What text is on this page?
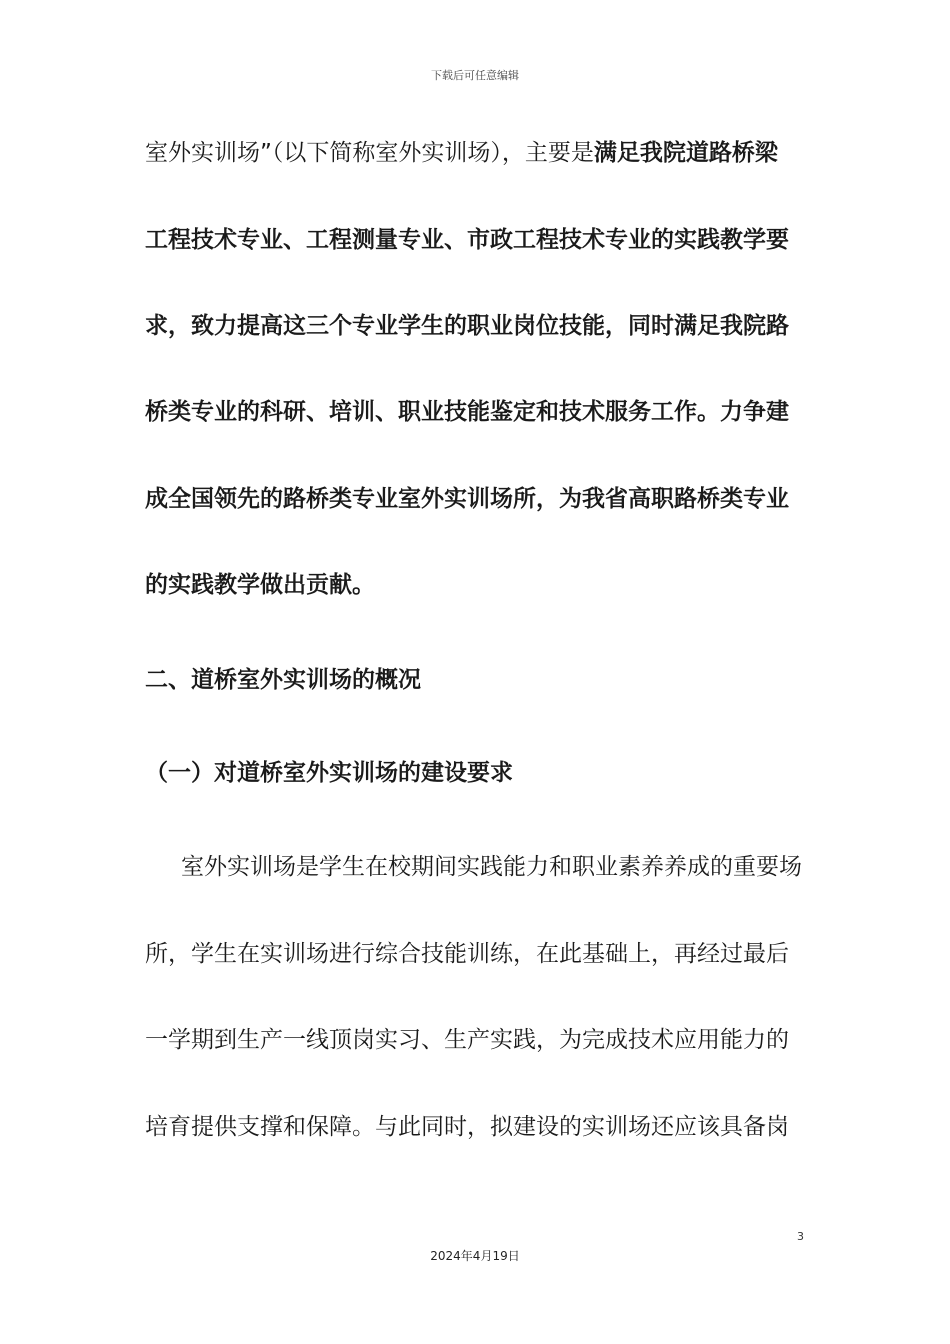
下载后可任意编辑
室外实训场”（以下简称室外实训场），主要是满足我院道路桥梁
工程技术专业、工程测量专业、市政工程技术专业的实践教学要
求，致力提高这三个专业学生的职业岗位技能，同时满足我院路
桥类专业的科研、培训、职业技能鉴定和技术服务工作。力争建
成全国领先的路桥类专业室外实训场所，为我省高职路桥类专业
的实践教学做出贡献。
二、道桥室外实训场的概况
（一）对道桥室外实训场的建设要求
室外实训场是学生在校期间实践能力和职业素养养成的重要场
所，学生在实训场进行综合技能训练，在此基础上，再经过最后
一学期到生产一线顶岗实习、生产实践，为完成技术应用能力的
培育提供支撑和保障。与此同时，拟建设的实训场还应该具备岗
3
2024年4月19日
